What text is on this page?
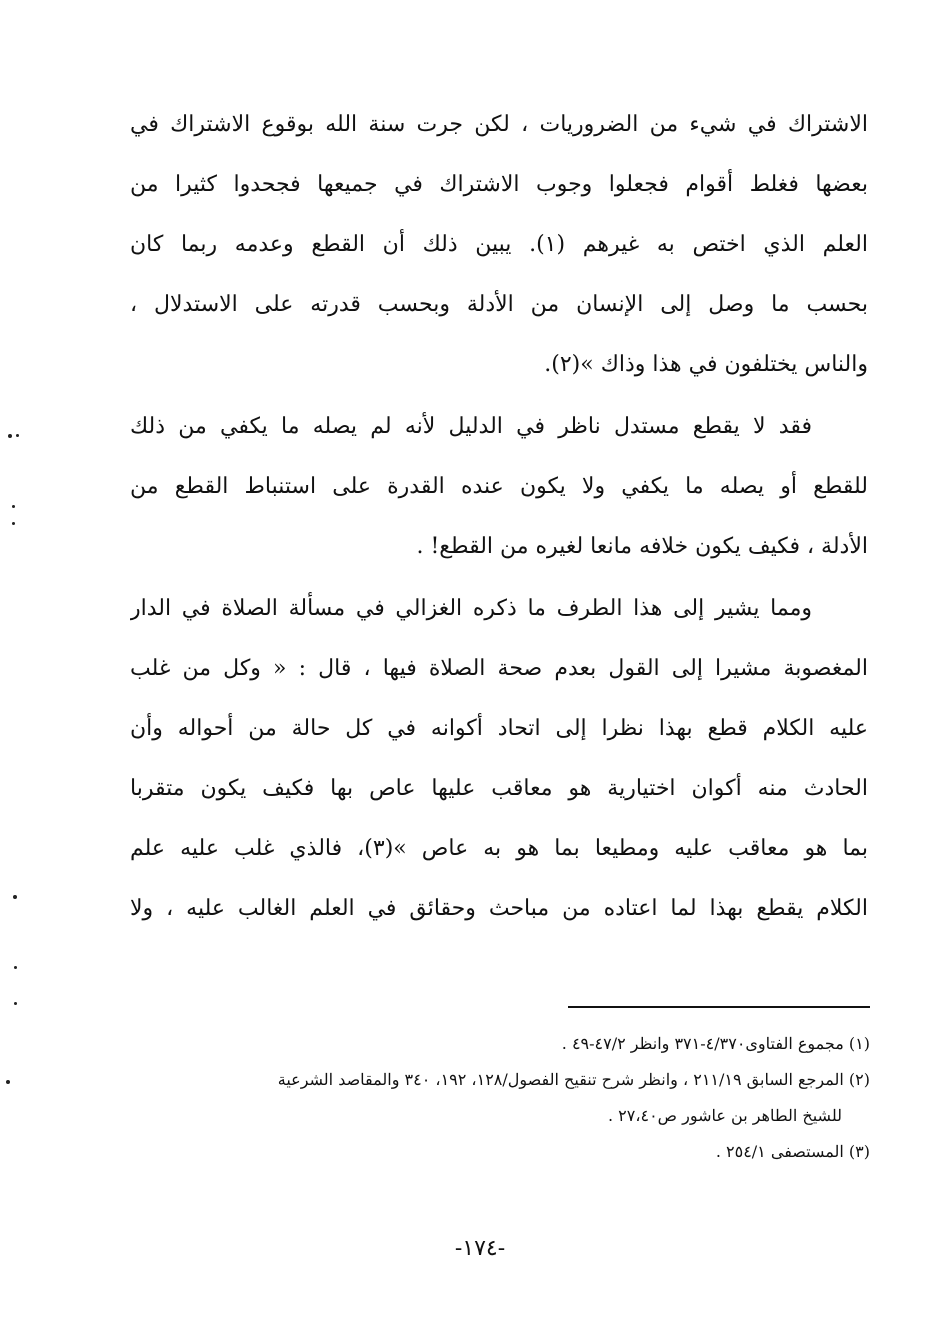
الاشتراك في شيء من الضروريات ، لكن جرت سنة الله بوقوع الاشتراك في
بعضها فغلط أقوام فجعلوا وجوب الاشتراك في جميعها فجحدوا كثيرا من
العلم الذي اختص به غيرهم (١). يبين ذلك أن القطع وعدمه ربما كان
بحسب ما وصل إلى الإنسان من الأدلة وبحسب قدرته على الاستدلال ،
والناس يختلفون في هذا وذاك »(٢).

فقد لا يقطع مستدل ناظر في الدليل لأنه لم يصله ما يكفي من ذلك
للقطع أو يصله ما يكفي ولا يكون عنده القدرة على استنباط القطع من
الأدلة ، فكيف يكون خلافه مانعا لغيره من القطع! .

ومما يشير إلى هذا الطرف ما ذكره الغزالي في مسألة الصلاة في الدار
المغصوبة مشيرا إلى القول بعدم صحة الصلاة فيها ، قال : « وكل من غلب
عليه الكلام قطع بهذا نظرا إلى اتحاد أكوانه في كل حالة من أحواله وأن
الحادث منه أكوان اختيارية هو معاقب عليها عاص بها فكيف يكون متقربا
بما هو معاقب عليه ومطيعا بما هو به عاص »(٣)، فالذي غلب عليه علم
الكلام يقطع بهذا لما اعتاده من مباحث وحقائق في العلم الغالب عليه ، ولا

(١) مجموع الفتاوى٤/٣٧٠-٣٧١ وانظر ٤٧/٢-٤٩ .

(٢) المرجع السابق ٢١١/١٩ ، وانظر شرح تنقيح الفصول/١٢٨، ١٩٢، ٣٤٠ والمقاصد الشرعية

للشيخ الطاهر بن عاشور ص٢٧،٤٠ .

(٣) المستصفى ٢٥٤/١ .

-١٧٤-
